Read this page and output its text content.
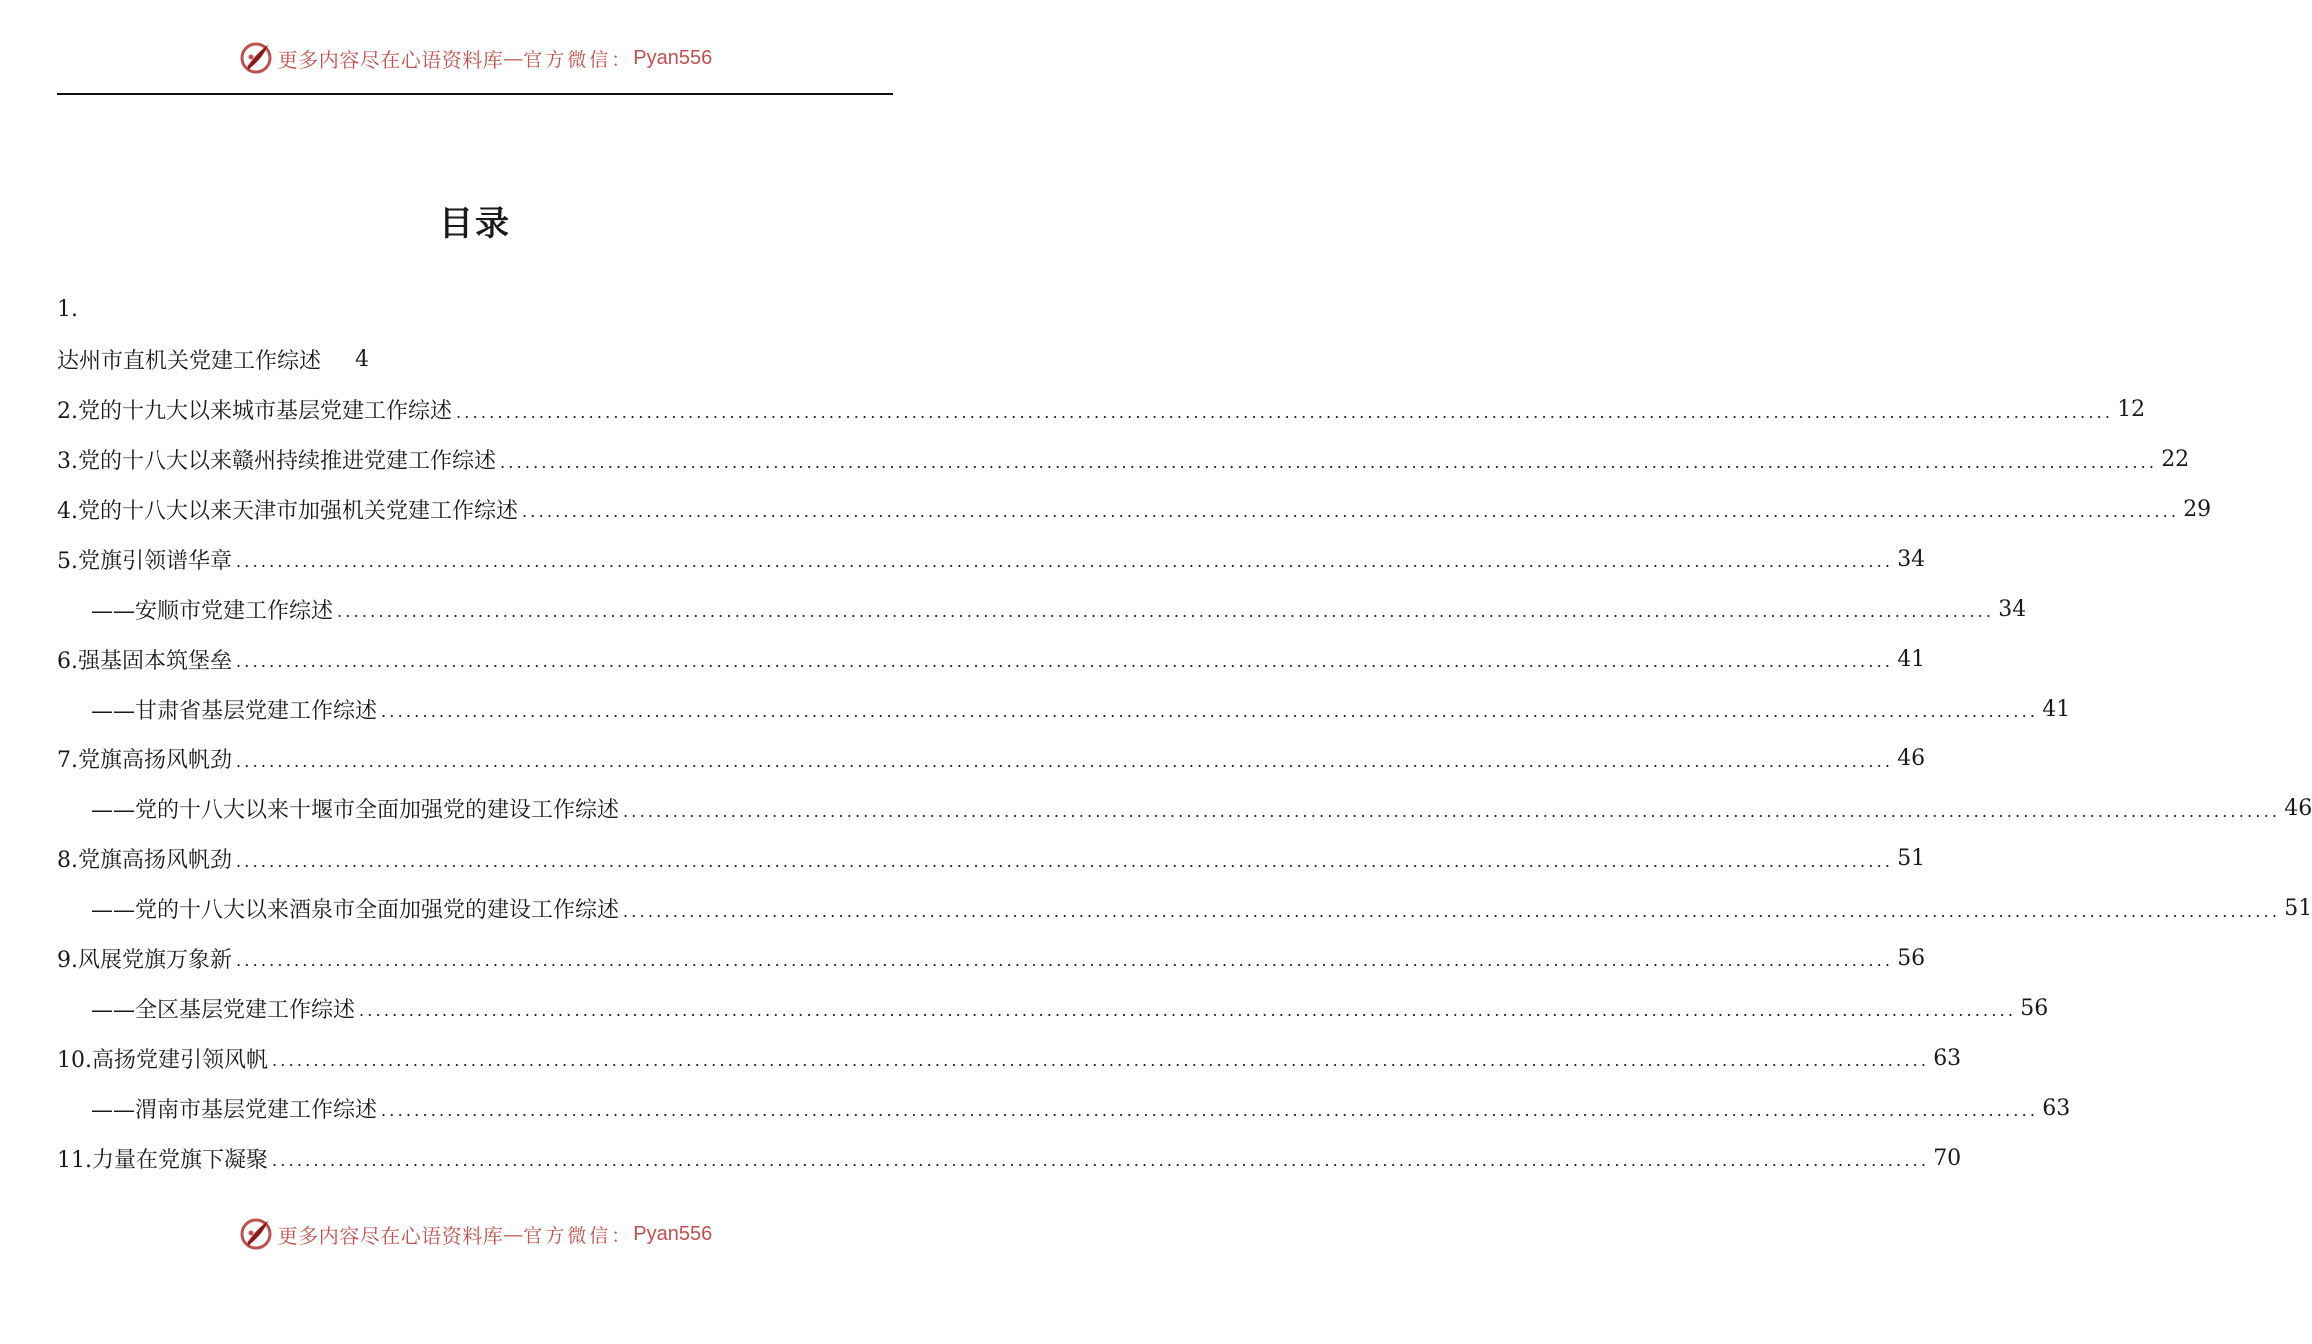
更多内容尽在心语资料库 — 官方微信： Pyan556
目录
1.
达州市直机关党建工作综述 4
2.党的十九大以来城市基层党建工作综述 ........................................................................................................................................................................................................ 12
3.党的十八大以来赣州持续推进党建工作综述 ........................................................................................................................................................................................................ 22
4.党的十八大以来天津市加强机关党建工作综述 ........................................................................................................................................................................................................ 29
5.党旗引领谱华章 ........................................................................................................................................................................................................ 34
——安顺市党建工作综述 ........................................................................................................................................................................................................ 34
6.强基固本筑堡垒 ........................................................................................................................................................................................................ 41
——甘肃省基层党建工作综述 ........................................................................................................................................................................................................ 41
7.党旗高扬风帆劲 ........................................................................................................................................................................................................ 46
——党的十八大以来十堰市全面加强党的建设工作综述 ........................................................................................................................................................................................................ 46
8.党旗高扬风帆劲 ........................................................................................................................................................................................................ 51
——党的十八大以来酒泉市全面加强党的建设工作综述 ........................................................................................................................................................................................................ 51
9.风展党旗万象新 ........................................................................................................................................................................................................ 56
——全区基层党建工作综述 ........................................................................................................................................................................................................ 56
10.高扬党建引领风帆 ........................................................................................................................................................................................................ 63
——渭南市基层党建工作综述 ........................................................................................................................................................................................................ 63
11.力量在党旗下凝聚 ........................................................................................................................................................................................................ 70
更多内容尽在心语资料库 — 官方微信： Pyan556
